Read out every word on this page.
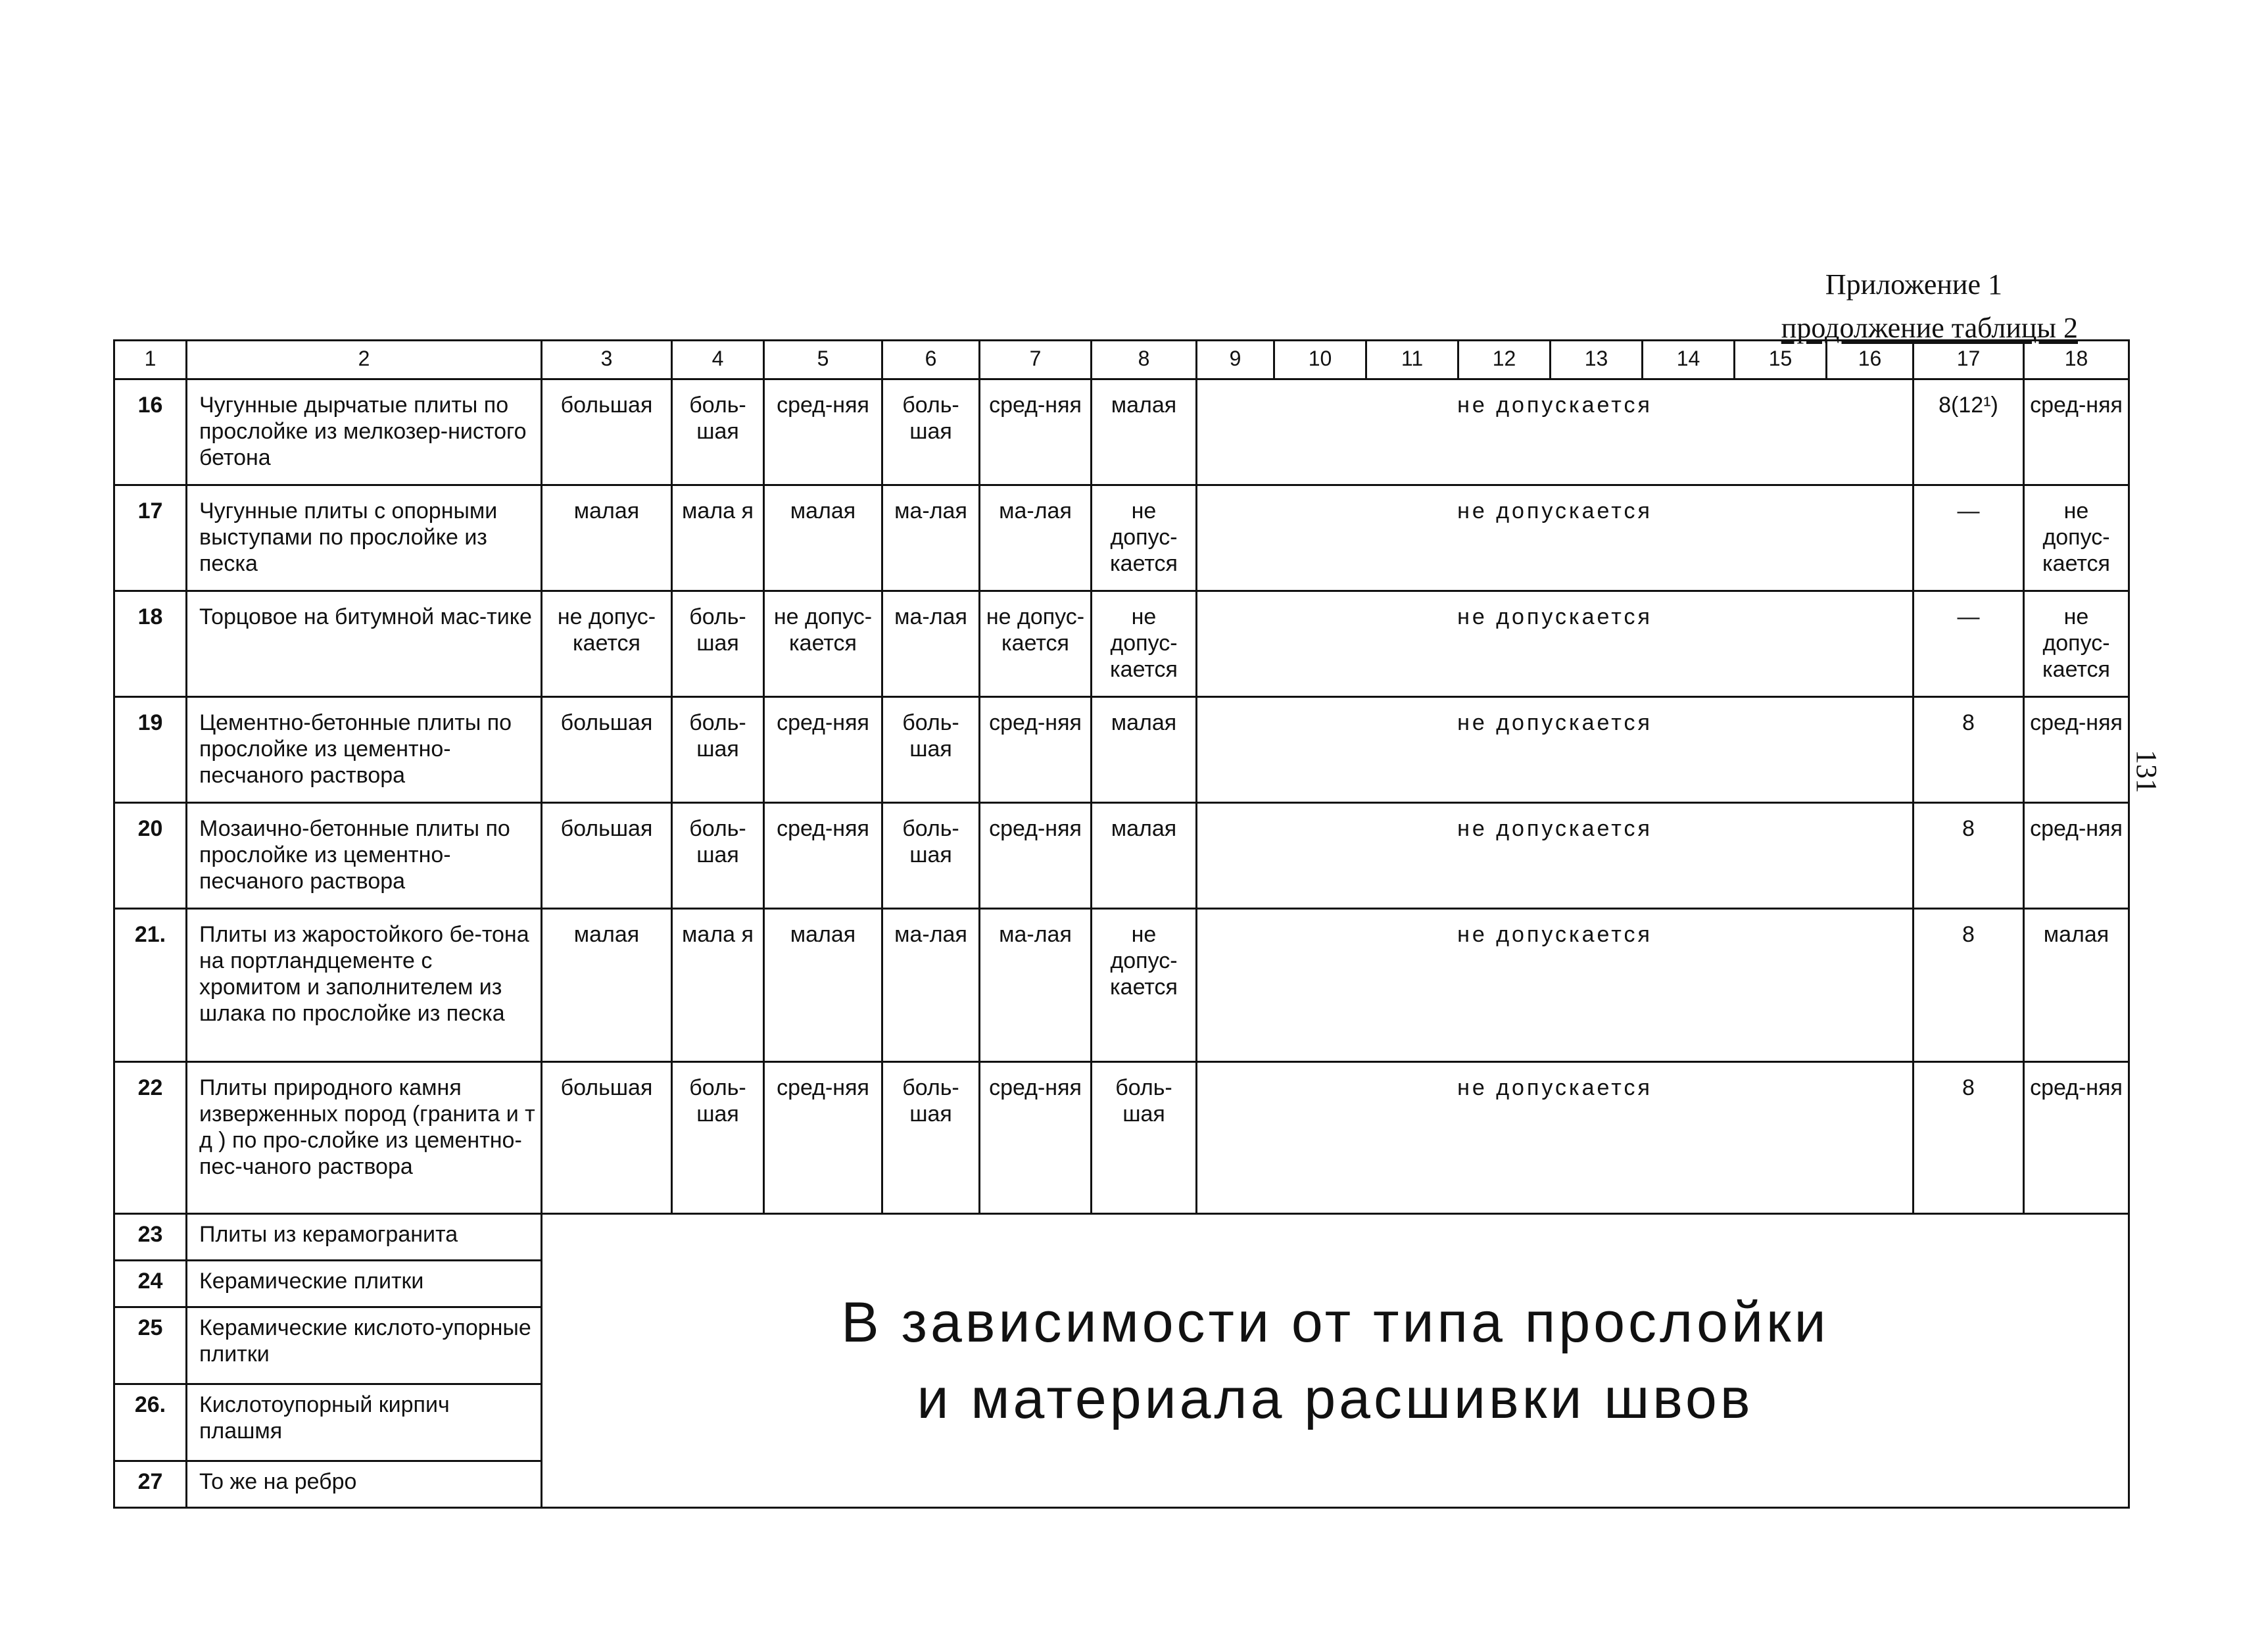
Приложение 1
продолжение таблицы 2
131
1	2	3	4	5	6	7	8	9	10	11	12	13	14	15	16	17	18
16	Чугунные дырчатые плиты по прослойке из мелкозер-нистого бетона	большая	боль-шая	сред-няя	боль-шая	сред-няя	малая	не допускается								8(12¹)	сред-няя
17	Чугунные плиты с опорными выступами по прослойке из песка	малая	мала я	малая	ма-лая	ма-лая	не допус-кается	не допускается								—	не допус-кается
18	Торцовое на битумной мас-тике	не допус-кается	боль-шая	не допус-кается	ма-лая	не допус-кается	не допус-кается	не допускается								—	не допус-кается
19	Цементно-бетонные плиты по прослойке из цементно-песчаного раствора	большая	боль-шая	сред-няя	боль-шая	сред-няя	малая	не допускается								8	сред-няя
20	Мозаично-бетонные плиты по прослойке из цементно-песчаного раствора	большая	боль-шая	сред-няя	боль-шая	сред-няя	малая	не допускается								8	сред-няя
21.	Плиты из жаростойкого бе-тона на портландцементе с хромитом и заполнителем из шлака по прослойке из песка	малая	мала я	малая	ма-лая	ма-лая	не допус-кается	не допускается								8	малая
22	Плиты природного камня изверженных пород (гранита и т д ) по про-слойке из цементно-пес-чаного раствора	большая	боль-шая	сред-няя	боль-шая	сред-няя	боль-шая	не допускается								8	сред-няя
23	Плиты из керамогранита	В зависимости от типа прослойки
и материала расшивки швов															

24	Керамические плитки																
25	Керамические кислото-упорные плитки																
26.	Кислотоупорный кирпич плашмя																
27	То же на ребро																
